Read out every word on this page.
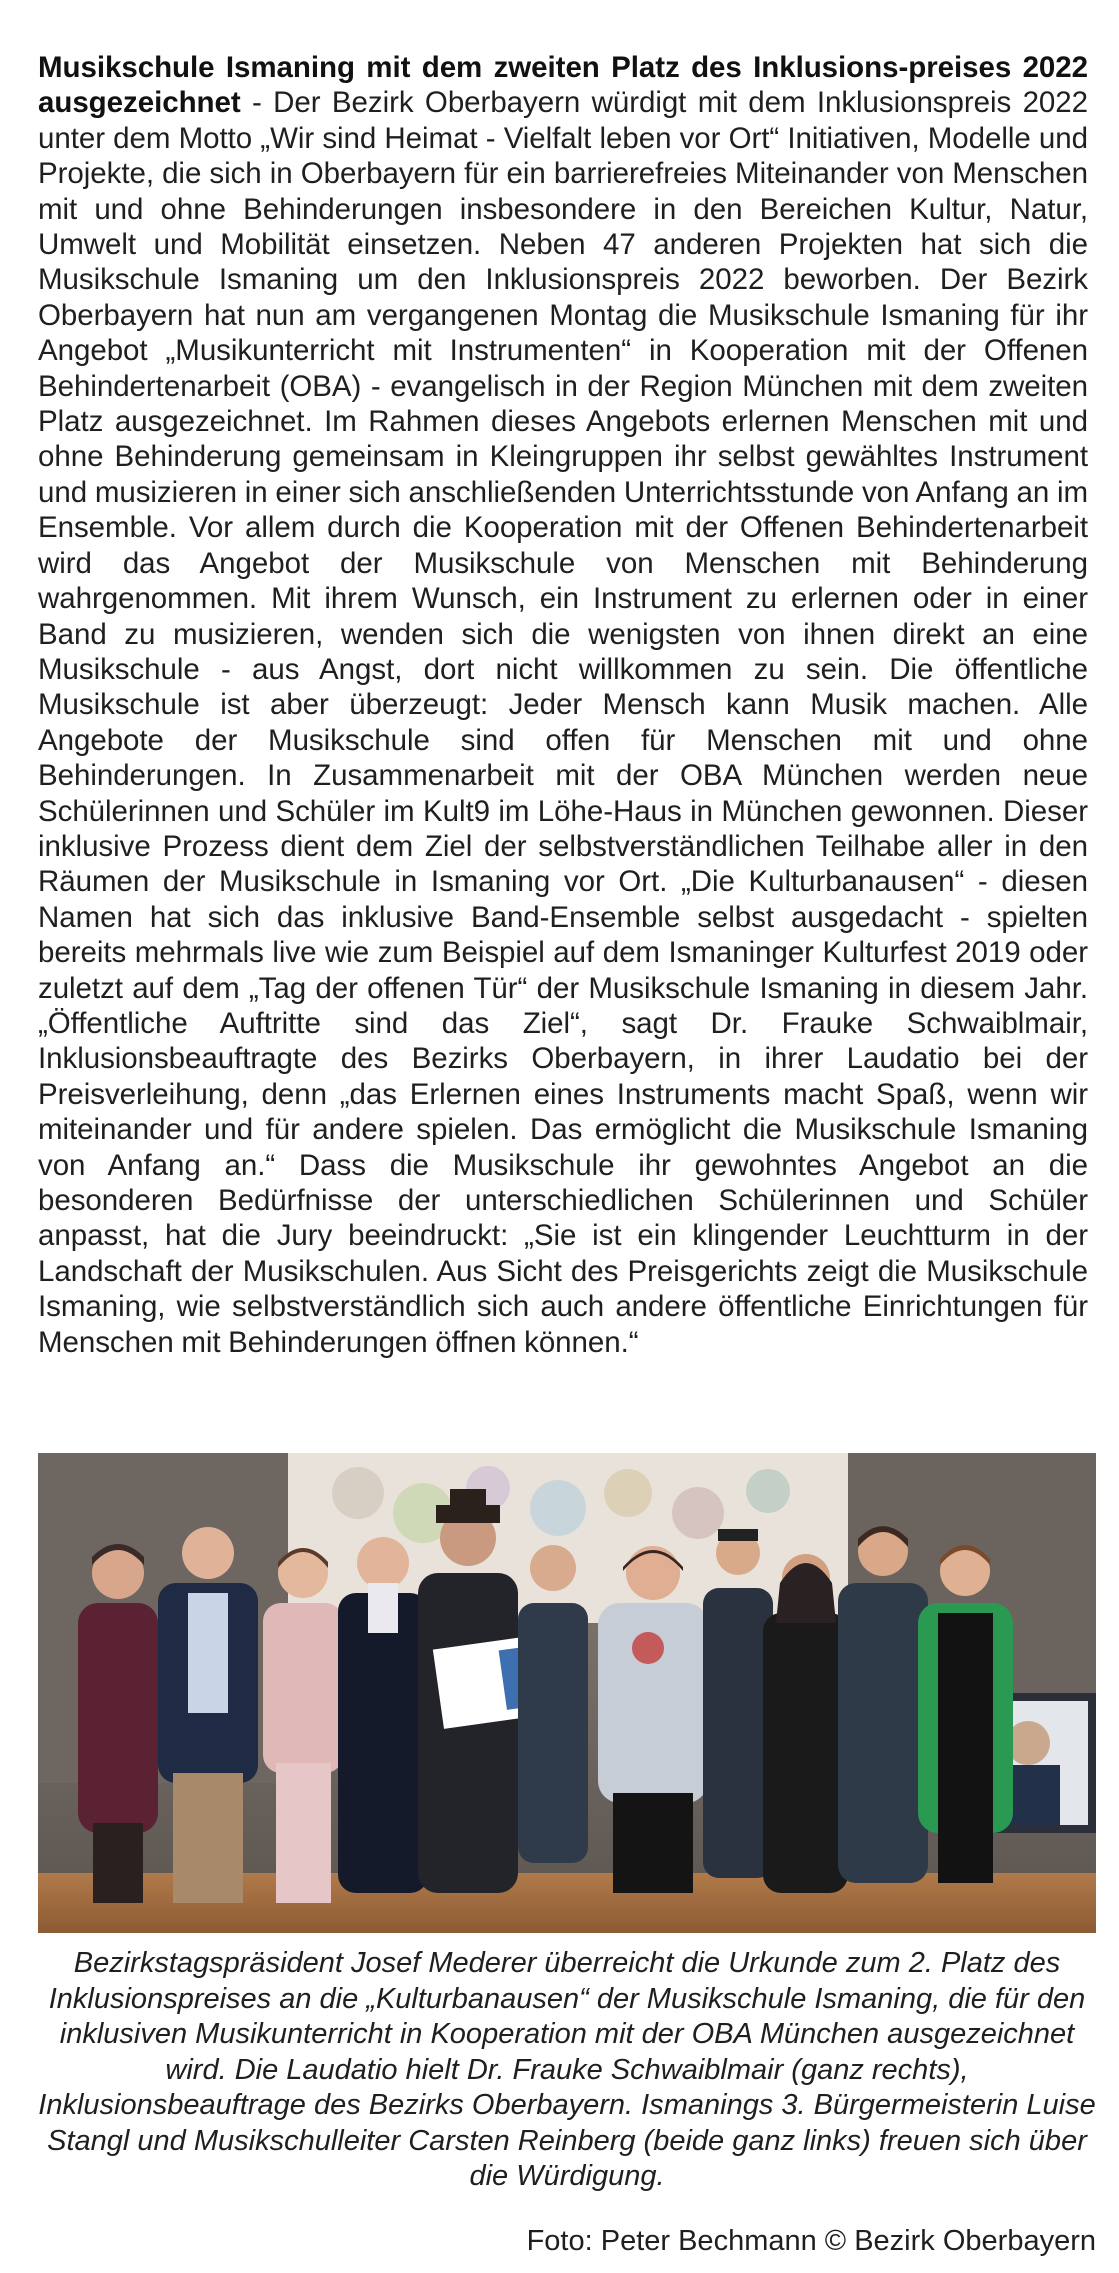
Musikschule Ismaning mit dem zweiten Platz des Inklusions-preises 2022 ausgezeichnet - Der Bezirk Oberbayern würdigt mit dem Inklusionspreis 2022 unter dem Motto „Wir sind Heimat - Vielfalt leben vor Ort“ Initiativen, Modelle und Projekte, die sich in Oberbayern für ein barrierefreies Miteinander von Menschen mit und ohne Behinderungen insbesondere in den Bereichen Kultur, Natur, Umwelt und Mobilität einsetzen. Neben 47 anderen Projekten hat sich die Musikschule Ismaning um den Inklusionspreis 2022 beworben. Der Bezirk Oberbayern hat nun am vergangenen Montag die Musikschule Ismaning für ihr Angebot „Musikunterricht mit Instrumenten“ in Kooperation mit der Offenen Behindertenarbeit (OBA) - evangelisch in der Region München mit dem zweiten Platz ausgezeichnet. Im Rahmen dieses Angebots erlernen Menschen mit und ohne Behinderung gemeinsam in Kleingruppen ihr selbst gewähltes Instrument und musizieren in einer sich anschließenden Unterrichtsstunde von Anfang an im Ensemble. Vor allem durch die Kooperation mit der Offenen Behindertenarbeit wird das Angebot der Musikschule von Menschen mit Behinderung wahrgenommen. Mit ihrem Wunsch, ein Instrument zu erlernen oder in einer Band zu musizieren, wenden sich die wenigsten von ihnen direkt an eine Musikschule - aus Angst, dort nicht willkommen zu sein. Die öffentliche Musikschule ist aber überzeugt: Jeder Mensch kann Musik machen. Alle Angebote der Musikschule sind offen für Menschen mit und ohne Behinderungen. In Zusammenarbeit mit der OBA München werden neue Schülerinnen und Schüler im Kult9 im Löhe-Haus in München gewonnen. Dieser inklusive Prozess dient dem Ziel der selbstverständlichen Teilhabe aller in den Räumen der Musikschule in Ismaning vor Ort. „Die Kulturbanausen“ - diesen Namen hat sich das inklusive Band-Ensemble selbst ausgedacht - spielten bereits mehrmals live wie zum Beispiel auf dem Ismaninger Kulturfest 2019 oder zuletzt auf dem „Tag der offenen Tür“ der Musikschule Ismaning in diesem Jahr. „Öffentliche Auftritte sind das Ziel“, sagt Dr. Frauke Schwaiblmair, Inklusionsbeauftragte des Bezirks Oberbayern, in ihrer Laudatio bei der Preisverleihung, denn „das Erlernen eines Instruments macht Spaß, wenn wir miteinander und für andere spielen. Das ermöglicht die Musikschule Ismaning von Anfang an.“ Dass die Musikschule ihr gewohntes Angebot an die besonderen Bedürfnisse der unterschiedlichen Schülerinnen und Schüler anpasst, hat die Jury beeindruckt: „Sie ist ein klingender Leuchtturm in der Landschaft der Musikschulen. Aus Sicht des Preisgerichts zeigt die Musikschule Ismaning, wie selbstverständlich sich auch andere öffentliche Einrichtungen für Menschen mit Behinderungen öffnen können.“
Bezirkstagspräsident Josef Mederer überreicht die Urkunde zum 2. Platz des Inklusionspreises an die „Kulturbanausen“ der Musikschule Ismaning, die für den inklusiven Musikunterricht in Kooperation mit der OBA München ausgezeichnet wird. Die Laudatio hielt Dr. Frauke Schwaiblmair (ganz rechts), Inklusionsbeauftrage des Bezirks Oberbayern. Ismanings 3. Bürgermeisterin Luise Stangl und Musikschulleiter Carsten Reinberg (beide ganz links) freuen sich über die Würdigung.
Foto: Peter Bechmann © Bezirk Oberbayern
